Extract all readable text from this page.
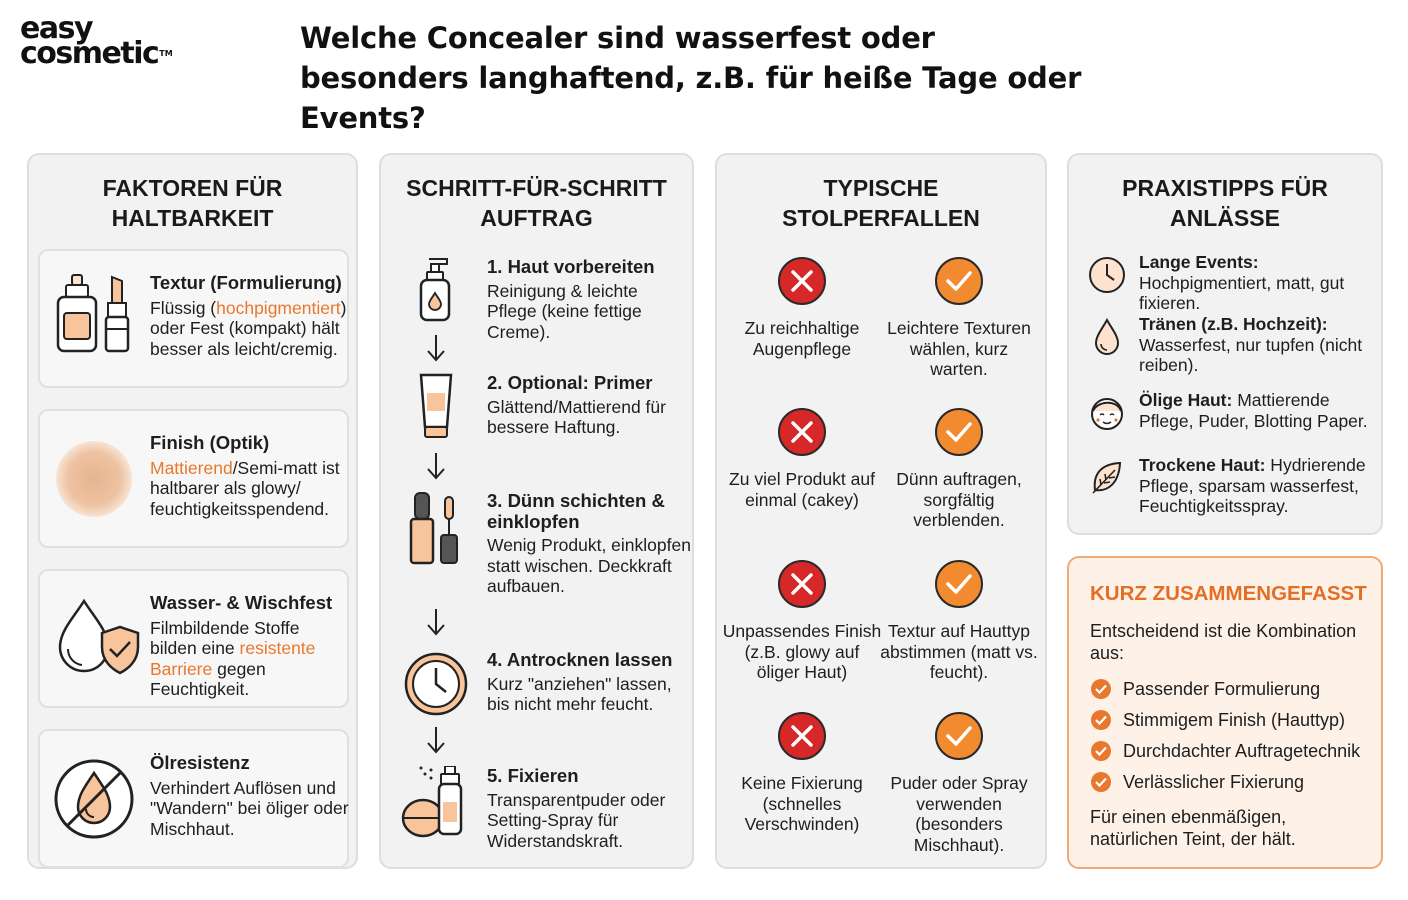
easy
cosmetic™	Welche Concealer sind wasserfest oder besonders langhaftend, z.B. für heiße Tage oder Events?
FAKTOREN FÜR HALTBARKEIT
Textur (Formulierung)
Flüssig (hochpigmentiert) oder Fest (kompakt) hält besser als leicht/cremig.
Finish (Optik)
Mattierend/Semi-matt ist haltbarer als glowy/ feuchtigkeitsspendend.
Wasser- & Wischfest
Filmbildende Stoffe bilden eine resistente Barriere gegen Feuchtigkeit.
Ölresistenz
Verhindert Auflösen und "Wandern" bei öliger oder Mischhaut.
SCHRITT-FÜR-SCHRITT AUFTRAG
1. Haut vorbereiten
Reinigung & leichte Pflege (keine fettige Creme).
2. Optional: Primer
Glättend/Mattierend für bessere Haftung.
3. Dünn schichten & einklopfen
Wenig Produkt, einklopfen statt wischen. Deckkraft aufbauen.
4. Antrocknen lassen
Kurz "anziehen" lassen, bis nicht mehr feucht.
5. Fixieren
Transparentpuder oder Setting-Spray für Widerstandskraft.
TYPISCHE STOLPERFALLEN
Zu reichhaltige Augenpflege
Leichtere Texturen wählen, kurz warten.
Zu viel Produkt auf einmal (cakey)
Dünn auftragen, sorgfältig verblenden.
Unpassendes Finish (z.B. glowy auf öliger Haut)
Textur auf Hauttyp abstimmen (matt vs. feucht).
Keine Fixierung (schnelles Verschwinden)
Puder oder Spray verwenden (besonders Mischhaut).
PRAXISTIPPS FÜR ANLÄSSE
Lange Events: Hochpigmentiert, matt, gut fixieren.
Tränen (z.B. Hochzeit): Wasserfest, nur tupfen (nicht reiben).
Ölige Haut: Mattierende Pflege, Puder, Blotting Paper.
Trockene Haut: Hydrierende Pflege, sparsam wasserfest, Feuchtigkeitsspray.
KURZ ZUSAMMENGEFASST
Entscheidend ist die Kombination aus:
Passender Formulierung
Stimmigem Finish (Hauttyp)
Durchdachter Auftragetechnik
Verlässlicher Fixierung
Für einen ebenmäßigen, natürlichen Teint, der hält.
